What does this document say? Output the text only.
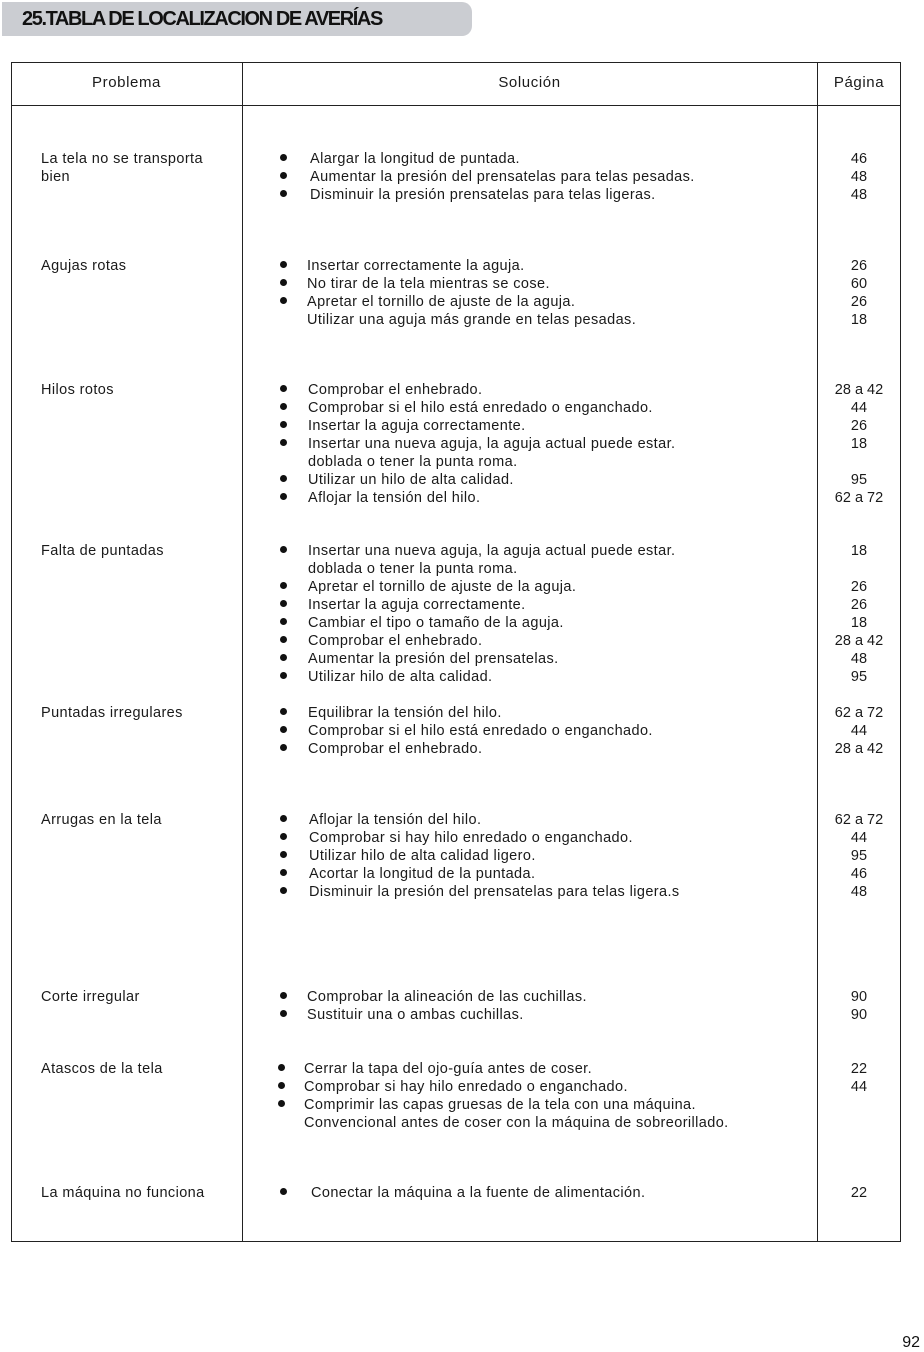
25.TABLA DE LOCALIZACION DE AVERÍAS
Problema	Solución	Página
La tela no se transporta
bien
Alargar la longitud de puntada.	46
Aumentar la presión del prensatelas para telas pesadas.	48
Disminuir la presión prensatelas para telas ligeras.	48
Agujas rotas	Insertar correctamente la aguja.	26
No tirar de la tela mientras se cose.	60
Apretar el tornillo de ajuste de la aguja.	26
Utilizar una aguja más grande en telas pesadas.	18
Hilos rotos	Comprobar el enhebrado.	28 a 42
Comprobar si el hilo está enredado o enganchado.	44
Insertar la aguja correctamente.	26
Insertar una nueva aguja, la aguja actual puede estar.	18
doblada o tener la punta roma.
Utilizar un hilo de alta calidad.	95
Aflojar la tensión del hilo.	62 a 72
Falta de puntadas	Insertar una nueva aguja, la aguja actual puede estar.	18
doblada o tener la punta roma.
Apretar el tornillo de ajuste de la aguja.	26
Insertar la aguja correctamente.	26
Cambiar el tipo o tamaño de la aguja.	18
Comprobar el enhebrado.	28 a 42
Aumentar la presión del prensatelas.	48
Utilizar hilo de alta calidad.	95
Puntadas irregulares	Equilibrar la tensión del hilo.	62 a 72
Comprobar si el hilo está enredado o enganchado.	44
Comprobar el enhebrado.	28 a 42
Arrugas en la tela	Aflojar la tensión del hilo.	62 a 72
Comprobar si hay hilo enredado o enganchado.	44
Utilizar hilo de alta calidad ligero.	95
Acortar la longitud de la puntada.	46
Disminuir la presión del prensatelas para telas ligera.s	48
Corte irregular	Comprobar la alineación de las cuchillas.	90
Sustituir una o ambas cuchillas.	90
Atascos de la tela	Cerrar la tapa del ojo-guía antes de coser.	22
Comprobar si hay hilo enredado o enganchado.	44
Comprimir las capas gruesas de la tela con una máquina.
Convencional antes de coser con la máquina de sobreorillado.
La máquina no funciona	Conectar la máquina a la fuente de alimentación.	22
92
